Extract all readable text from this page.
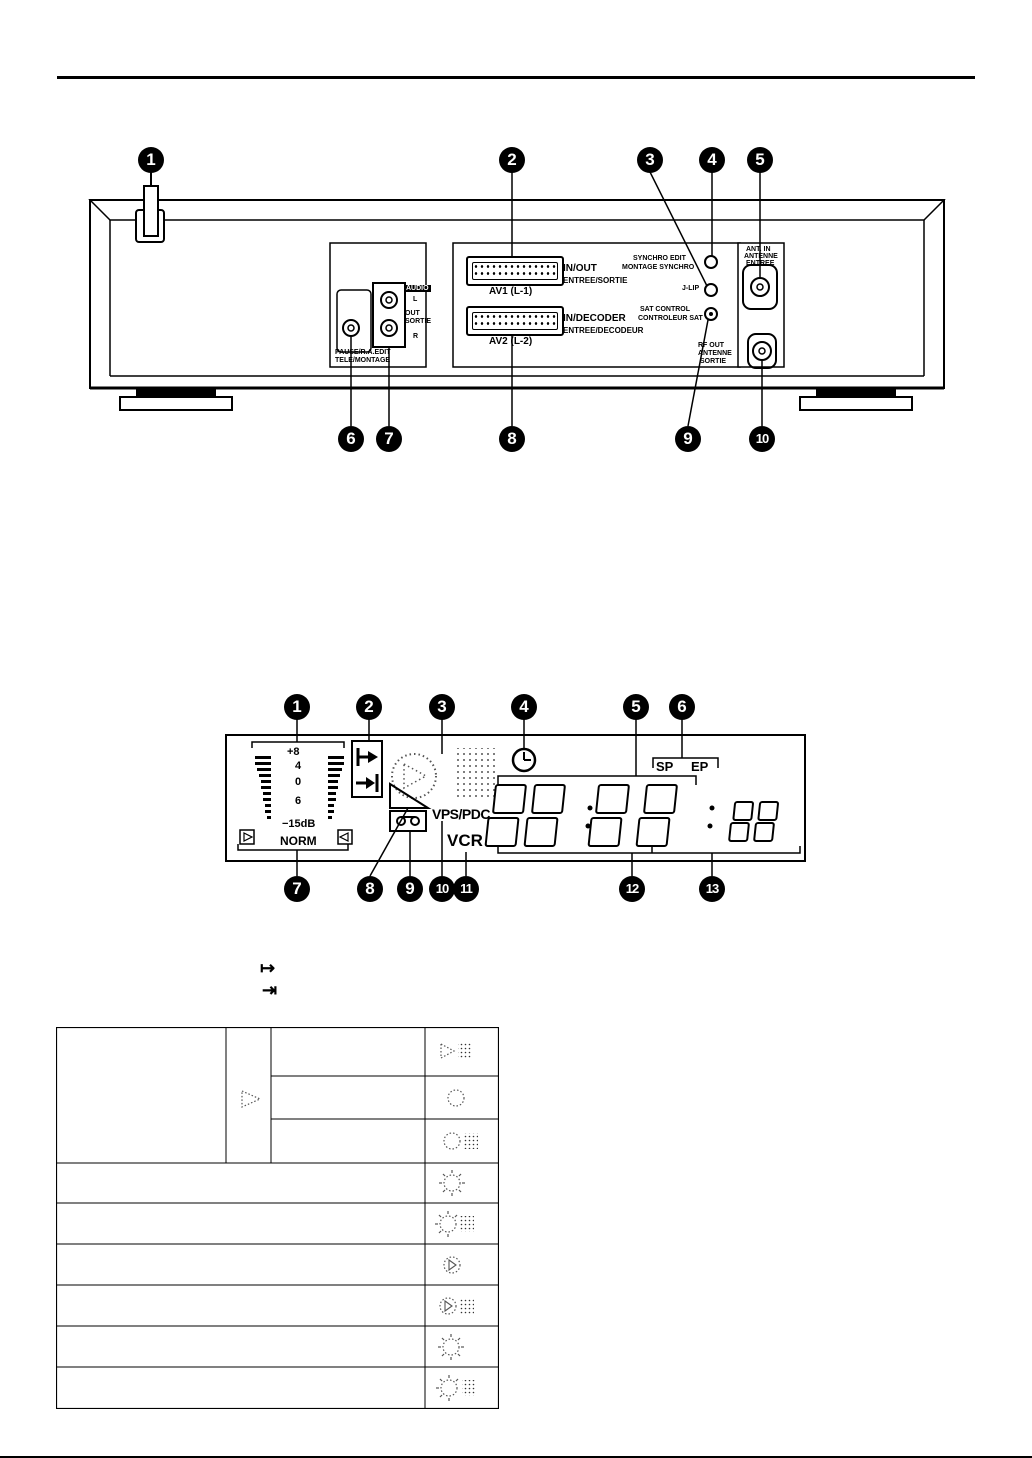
AV1 (L-1)
IN/OUT
ENTREE/SORTIE
AV2 (L-2)
IN/DECODER
ENTREE/DECODEUR
SYNCHRO EDIT
MONTAGE SYNCHRO
J-LIP
SAT CONTROL
CONTROLEUR SAT
ANT. IN
ANTENNE
ENTREE
RF OUT
ANTENNE
SORTIE
AUDIO
L
OUT
SORTIE
R
PAUSE/R.A.EDIT
TELE/MONTAGE
1	2	3	4	5
6	7	8	9	10
+8
4
0
6
−15dB
NORM
VPS/PDC
VCR
SP EP
1	2	3	4	5	6
7	8	9	10 11	12	13
↦
⇥
